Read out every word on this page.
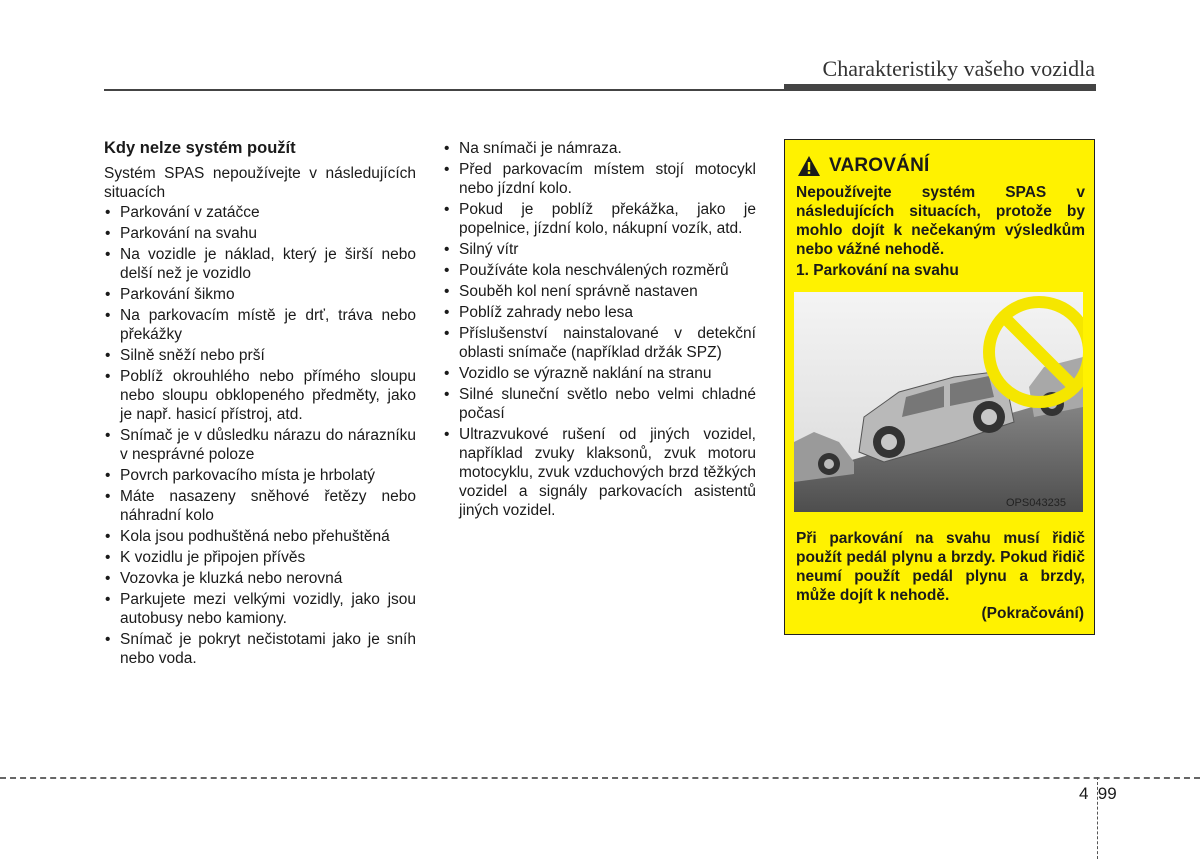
Charakteristiky vašeho vozidla
Kdy nelze systém použít

Systém SPAS nepoužívejte v následujících situacích

• Parkování v zatáčce
• Parkování na svahu
• Na vozidle je náklad, který je širší nebo delší než je vozidlo
• Parkování šikmo
• Na parkovacím místě je drť, tráva nebo překážky
• Silně sněží nebo prší
• Poblíž okrouhlého nebo přímého sloupu nebo sloupu obklopeného předměty, jako je např. hasicí přístroj, atd.
• Snímač je v důsledku nárazu do nárazníku v nesprávné poloze
• Povrch parkovacího místa je hrbolatý
• Máte nasazeny sněhové řetězy nebo náhradní kolo
• Kola jsou podhuštěná nebo přehuštěná
• K vozidlu je připojen přívěs
• Vozovka je kluzká nebo nerovná
• Parkujete mezi velkými vozidly, jako jsou autobusy nebo kamiony.
• Snímač je pokryt nečistotami jako je sníh nebo voda.
• Na snímači je námraza.
• Před parkovacím místem stojí motocykl nebo jízdní kolo.
• Pokud je poblíž překážka, jako je popelnice, jízdní kolo, nákupní vozík, atd.
• Silný vítr
• Používáte kola neschválených rozměrů
• Souběh kol není správně nastaven
• Poblíž zahrady nebo lesa
• Příslušenství nainstalované v detekční oblasti snímače (například držák SPZ)
• Vozidlo se výrazně naklání na stranu
• Silné sluneční světlo nebo velmi chladné počasí
• Ultrazvukové rušení od jiných vozidel, například zvuky klaksonů, zvuk motoru motocyklu, zvuk vzduchových brzd těžkých vozidel a signály parkovacích asistentů jiných vozidel.
VAROVÁNÍ
Nepoužívejte systém SPAS v následujících situacích, protože by mohlo dojít k nečekaným výsledkům nebo vážné nehodě.
1. Parkování na svahu
OPS043235
Při parkování na svahu musí řidič použít pedál plynu a brzdy. Pokud řidič neumí použít pedál plynu a brzdy, může dojít k nehodě.
(Pokračování)
4 99
